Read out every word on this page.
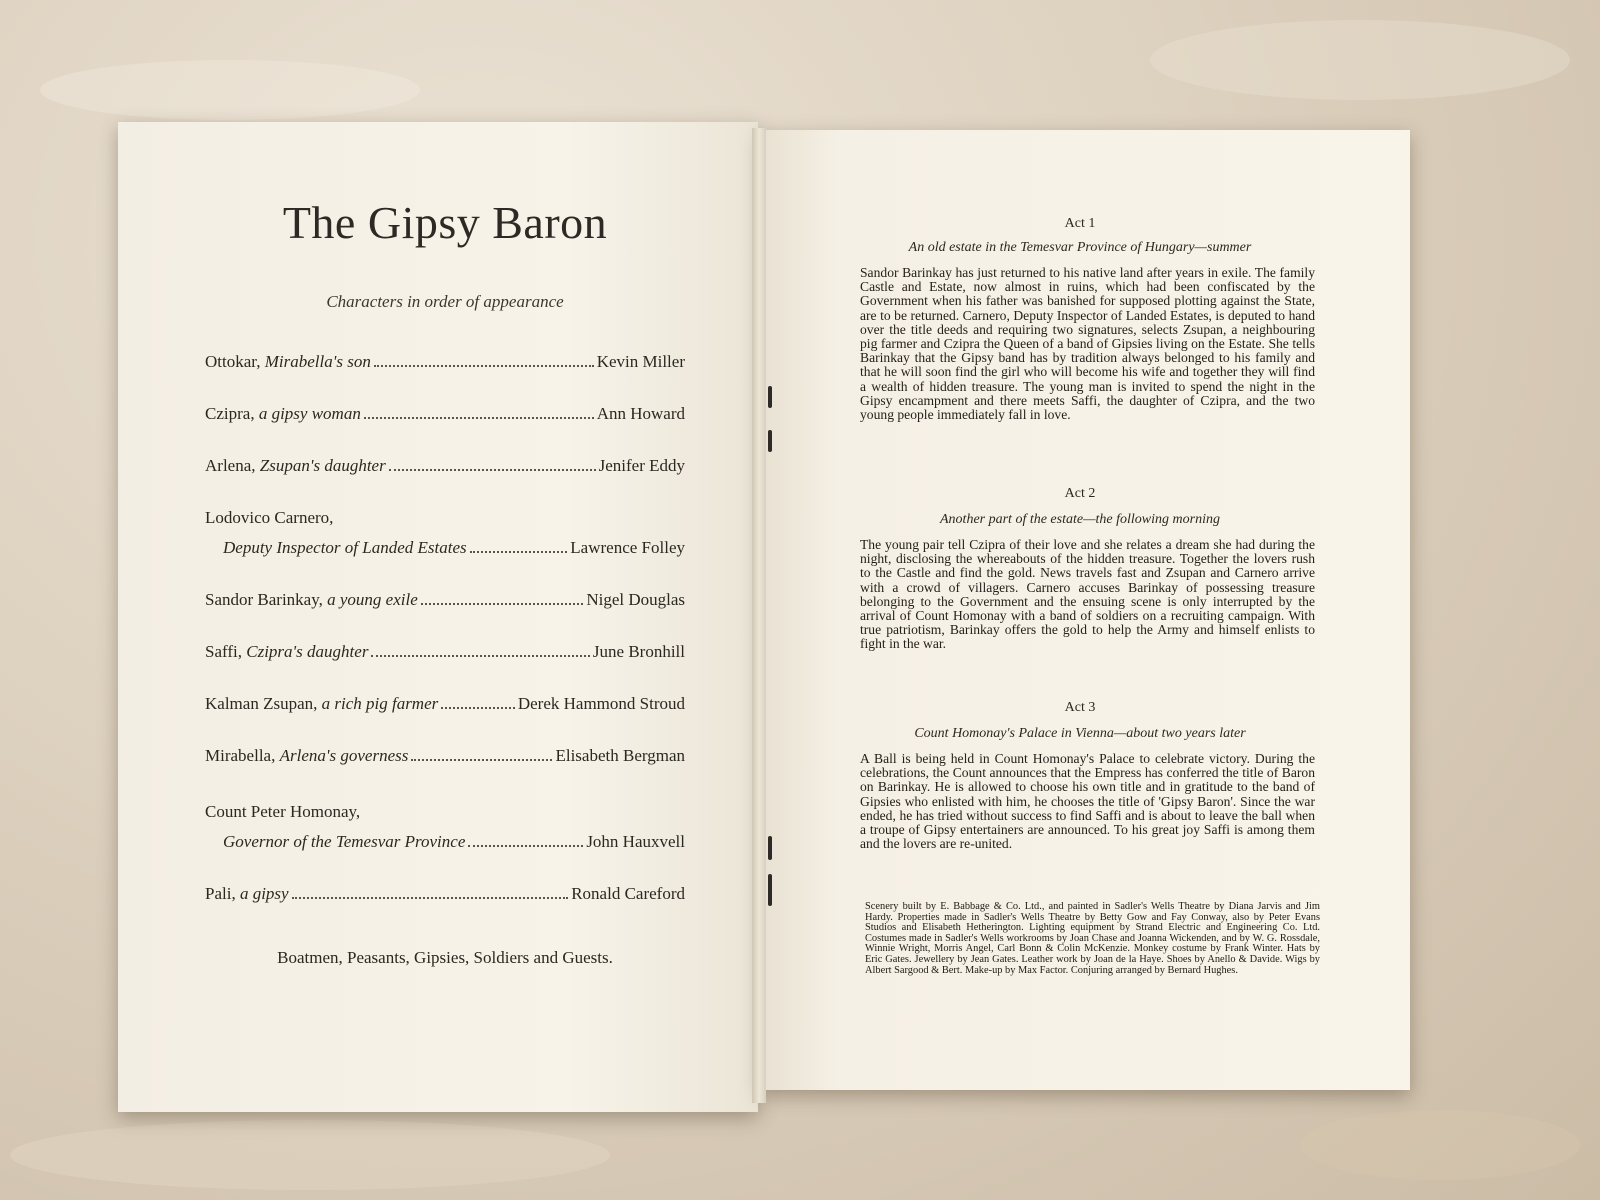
The Gipsy Baron
Characters in order of appearance
Ottokar, Mirabella's son	Kevin Miller
Czipra, a gipsy woman	Ann Howard
Arlena, Zsupan's daughter	Jenifer Eddy
Lodovico Carnero,
Deputy Inspector of Landed Estates	Lawrence Folley
Sandor Barinkay, a young exile	Nigel Douglas
Saffi, Czipra's daughter	June Bronhill
Kalman Zsupan, a rich pig farmer	Derek Hammond Stroud
Mirabella, Arlena's governess	Elisabeth Bergman
Count Peter Homonay,
Governor of the Temesvar Province	John Hauxvell
Pali, a gipsy	Ronald Careford
Boatmen, Peasants, Gipsies, Soldiers and Guests.
Act 1
An old estate in the Temesvar Province of Hungary—summer

Sandor Barinkay has just returned to his native land after years in exile. The family Castle and Estate, now almost in ruins, which had been confiscated by the Government when his father was banished for supposed plotting against the State, are to be returned. Carnero, Deputy Inspector of Landed Estates, is deputed to hand over the title deeds and requiring two signatures, selects Zsupan, a neighbouring pig farmer and Czipra the Queen of a band of Gipsies living on the Estate. She tells Barinkay that the Gipsy band has by tradition always belonged to his family and that he will soon find the girl who will become his wife and together they will find a wealth of hidden treasure. The young man is invited to spend the night in the Gipsy encampment and there meets Saffi, the daughter of Czipra, and the two young people immediately fall in love.

Act 2
Another part of the estate—the following morning

The young pair tell Czipra of their love and she relates a dream she had during the night, disclosing the whereabouts of the hidden treasure. Together the lovers rush to the Castle and find the gold. News travels fast and Zsupan and Carnero arrive with a crowd of villagers. Carnero accuses Barinkay of possessing treasure belonging to the Government and the ensuing scene is only interrupted by the arrival of Count Homonay with a band of soldiers on a recruiting campaign. With true patriotism, Barinkay offers the gold to help the Army and himself enlists to fight in the war.

Act 3
Count Homonay's Palace in Vienna—about two years later

A Ball is being held in Count Homonay's Palace to celebrate victory. During the celebrations, the Count announces that the Empress has conferred the title of Baron on Barinkay. He is allowed to choose his own title and in gratitude to the band of Gipsies who enlisted with him, he chooses the title of 'Gipsy Baron'. Since the war ended, he has tried without success to find Saffi and is about to leave the ball when a troupe of Gipsy entertainers are announced. To his great joy Saffi is among them and the lovers are re-united.

Scenery built by E. Babbage & Co. Ltd., and painted in Sadler's Wells Theatre by Diana Jarvis and Jim Hardy. Properties made in Sadler's Wells Theatre by Betty Gow and Fay Conway, also by Peter Evans Studios and Elisabeth Hetherington. Lighting equipment by Strand Electric and Engineering Co. Ltd. Costumes made in Sadler's Wells workrooms by Joan Chase and Joanna Wickenden, and by W. G. Rossdale, Winnie Wright, Morris Angel, Carl Bonn & Colin McKenzie. Monkey costume by Frank Winter. Hats by Eric Gates. Jewellery by Jean Gates. Leather work by Joan de la Haye. Shoes by Anello & Davide. Wigs by Albert Sargood & Bert. Make-up by Max Factor. Conjuring arranged by Bernard Hughes.
